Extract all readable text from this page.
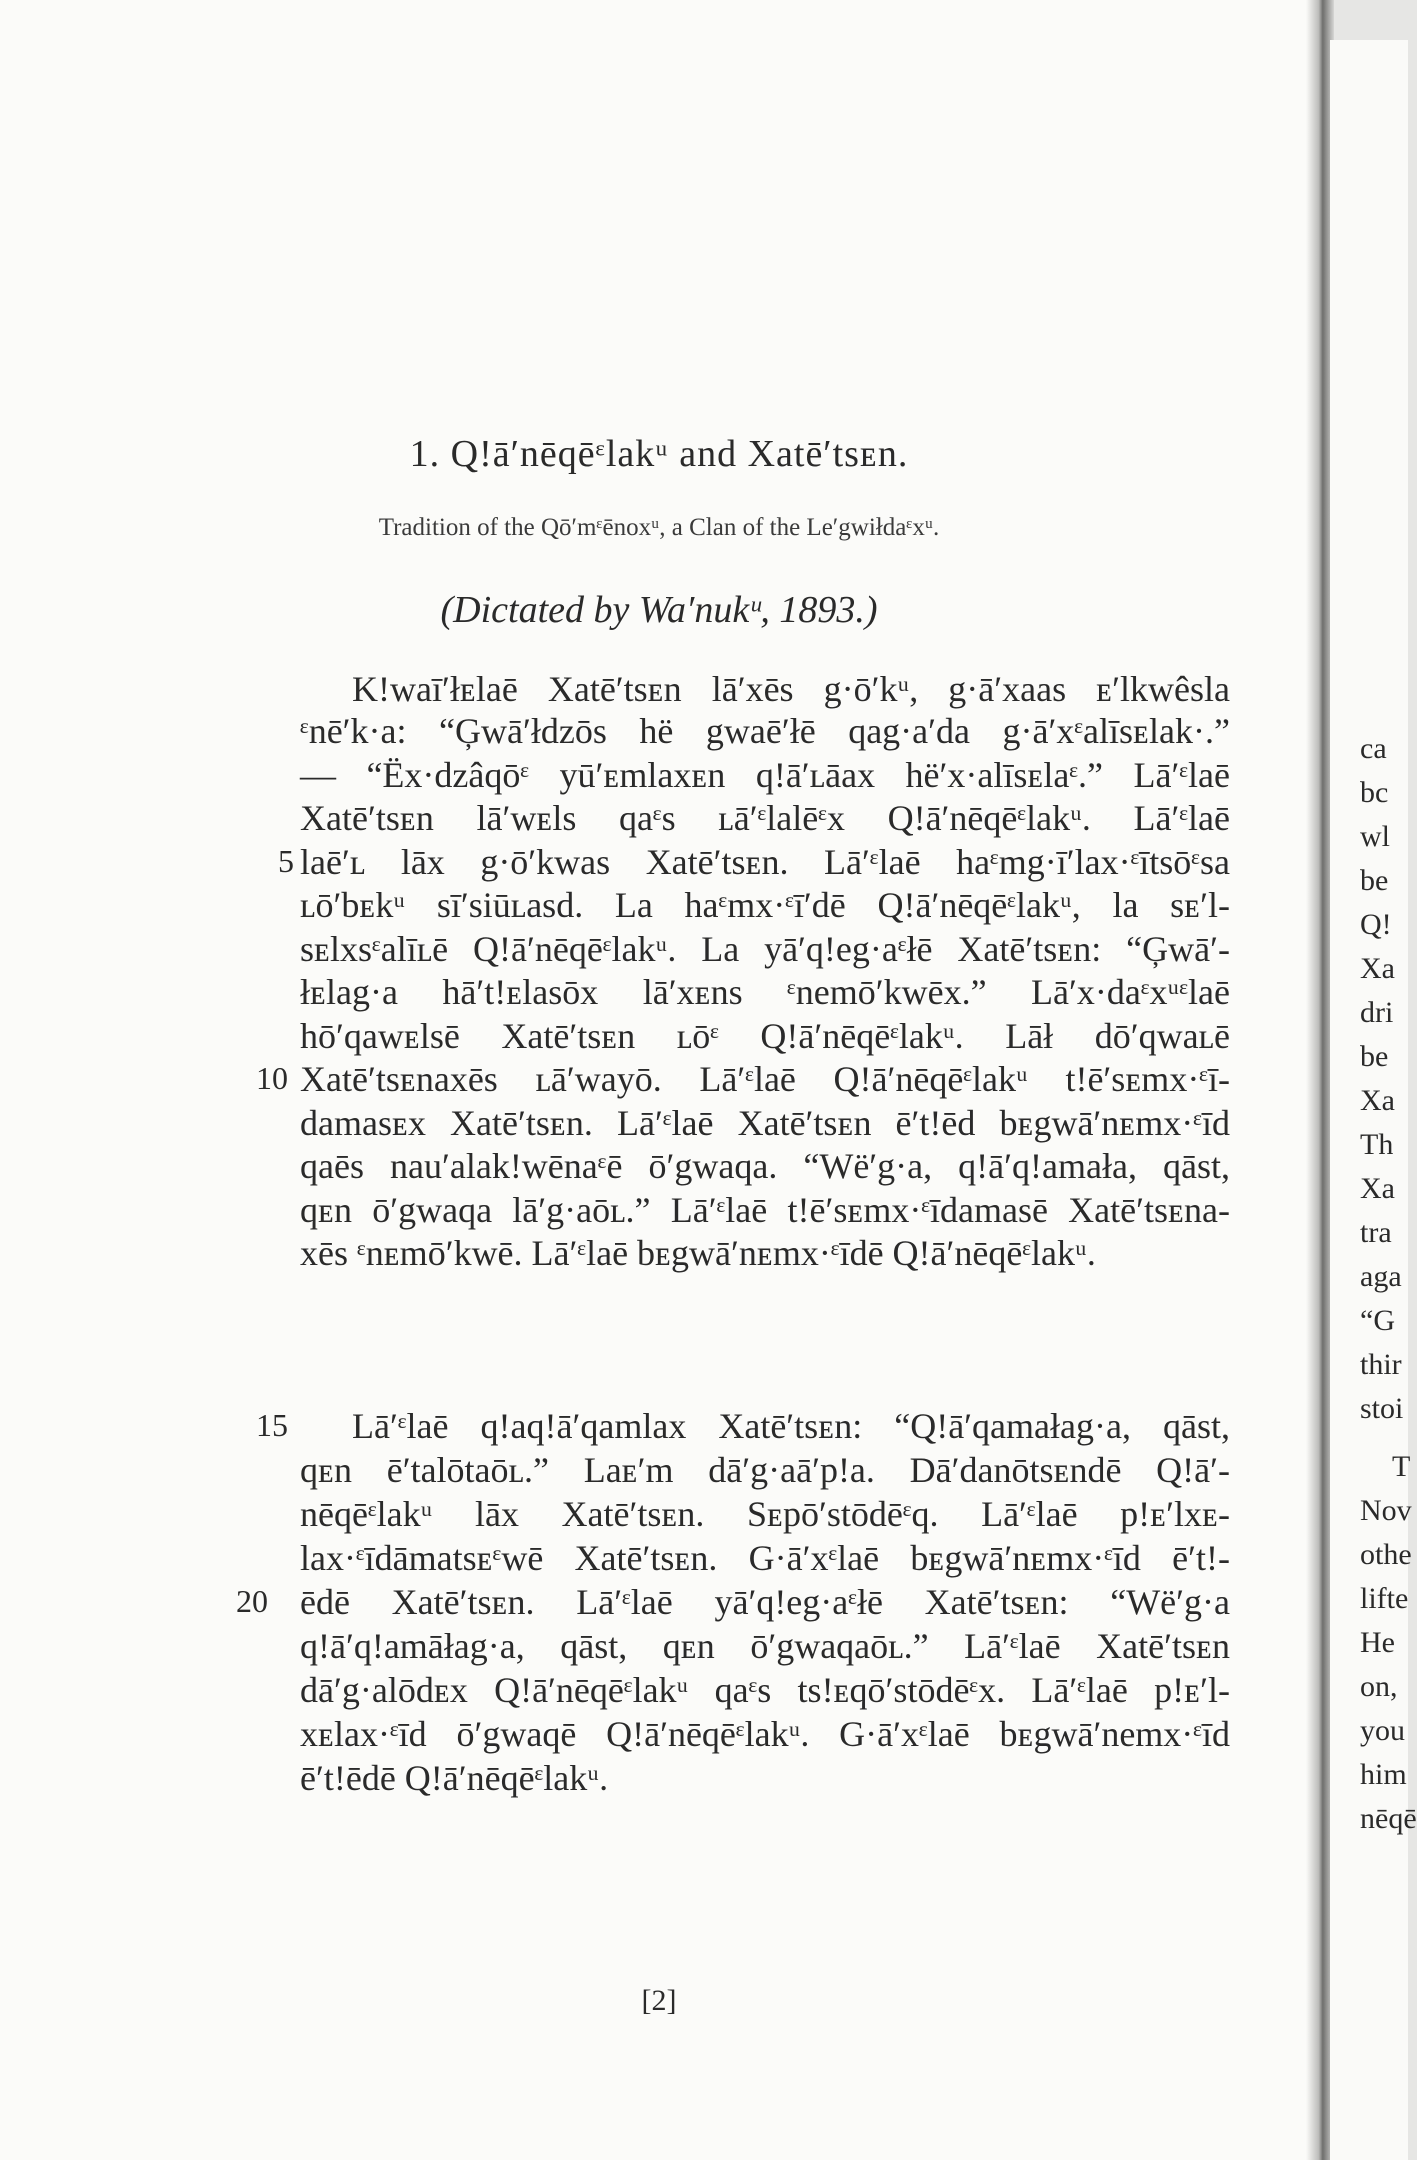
1. Q!ā′nēqēᵋlakᵘ and Xatē′tsᴇn.
Tradition of the Qō′mᵋēnoxᵘ, a Clan of the Le′gwiłdaᵋxᵘ.
(Dictated by Wa′nukᵘ, 1893.)
K!waī′łᴇlaē Xatē′tsᴇn lā′xēs g·ō′kᵘ, g·ā′xaas ᴇ′lkwêsla
ᵋnē′k·a: “Ģwā′łdzōs hë gwaē′łē qag·a′da g·ā′xᵋalīsᴇlak·.”
— “Ëx·dzâqōᵋ yū′ᴇmlaxᴇn q!ā′ʟāax hë′x·alīsᴇlaᵋ.” Lā′ᵋlaē
Xatē′tsᴇn lā′wᴇls qaᵋs ʟā′ᵋlalēᵋx Q!ā′nēqēᵋlakᵘ. Lā′ᵋlaē
laē′ʟ lāx g·ō′kwas Xatē′tsᴇn. Lā′ᵋlaē haᵋmg·ī′lax·ᵋītsōᵋsa
ʟō′bᴇkᵘ sī′siūʟasd. La haᵋmx·ᵋī′dē Q!ā′nēqēᵋlakᵘ, la sᴇ′l-
sᴇlxsᵋalīʟē Q!ā′nēqēᵋlakᵘ. La yā′q!eg·aᵋłē Xatē′tsᴇn: “Ģwā′-
łᴇlag·a hā′t!ᴇlasōx lā′xᴇns ᵋnemō′kwēx.” Lā′x·daᵋxᵘᵋlaē
hō′qawᴇlsē Xatē′tsᴇn ʟōᵋ Q!ā′nēqēᵋlakᵘ. Lāł dō′qwaʟē
Xatē′tsᴇnaxēs ʟā′wayō. Lā′ᵋlaē Q!ā′nēqēᵋlakᵘ t!ē′sᴇmx·ᵋī-
damasᴇx Xatē′tsᴇn. Lā′ᵋlaē Xatē′tsᴇn ē′t!ēd bᴇgwā′nᴇmx·ᵋīd
qaēs nau′alak!wēnaᵋē ō′gwaqa. “Wë′g·a, q!ā′q!amała, qāst,
qᴇn ō′gwaqa lā′g·aōʟ.” Lā′ᵋlaē t!ē′sᴇmx·ᵋīdamasē Xatē′tsᴇna-
xēs ᵋnᴇmō′kwē. Lā′ᵋlaē bᴇgwā′nᴇmx·ᵋīdē Q!ā′nēqēᵋlakᵘ.
Lā′ᵋlaē q!aq!ā′qamlax Xatē′tsᴇn: “Q!ā′qamałag·a, qāst,
qᴇn ē′talōtaōʟ.” Laᴇ′m dā′g·aā′p!a. Dā′danōtsᴇndē Q!ā′-
nēqēᵋlakᵘ lāx Xatē′tsᴇn. Sᴇpō′stōdēᵋq. Lā′ᵋlaē p!ᴇ′lxᴇ-
lax·ᵋīdāmatsᴇᵋwē Xatē′tsᴇn. G·ā′xᵋlaē bᴇgwā′nᴇmx·ᵋīd ē′t!-
ēdē Xatē′tsᴇn. Lā′ᵋlaē yā′q!eg·aᵋłē Xatē′tsᴇn: “Wë′g·a
q!ā′q!amāłag·a, qāst, qᴇn ō′gwaqaōʟ.” Lā′ᵋlaē Xatē′tsᴇn
dā′g·alōdᴇx Q!ā′nēqēᵋlakᵘ qaᵋs ts!ᴇqō′stōdēᵋx. Lā′ᵋlaē p!ᴇ′l-
xᴇlax·ᵋīd ō′gwaqē Q!ā′nēqēᵋlakᵘ. G·ā′xᵋlaē bᴇgwā′nemx·ᵋīd
ē′t!ēdē Q!ā′nēqēᵋlakᵘ.
5
10
15
20
[2]
ca
bc
wl
be
Q!
Xa
dri
be
Xa
Th
Xa
tra
aga
“G
thir
stoi
T
Nov
othe
lifte
He
on,
you
him
nēqē
